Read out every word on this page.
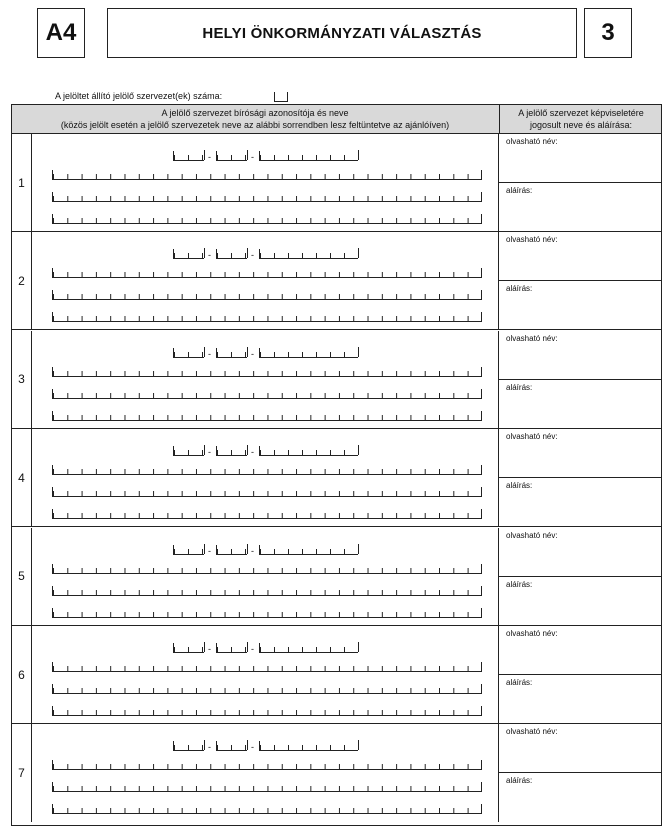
A4	HELYI ÖNKORMÁNYZATI VÁLASZTÁS	3
A jelöltet állító jelölő szervezet(ek) száma:
A jelölő szervezet bírósági azonosítója és neve
(közös jelölt esetén a jelölő szervezetek neve az alábbi sorrendben lesz feltüntetve az ajánlóíven)
A jelölő szervezet képviseletére
jogosult neve és aláírása:
1
-	-
olvasható név:
aláírás:
2
-	-
olvasható név:
aláírás:
3
-	-
olvasható név:
aláírás:
4
-	-
olvasható név:
aláírás:
5
-	-
olvasható név:
aláírás:
6
-	-
olvasható név:
aláírás:
7
-	-
olvasható név:
aláírás:
